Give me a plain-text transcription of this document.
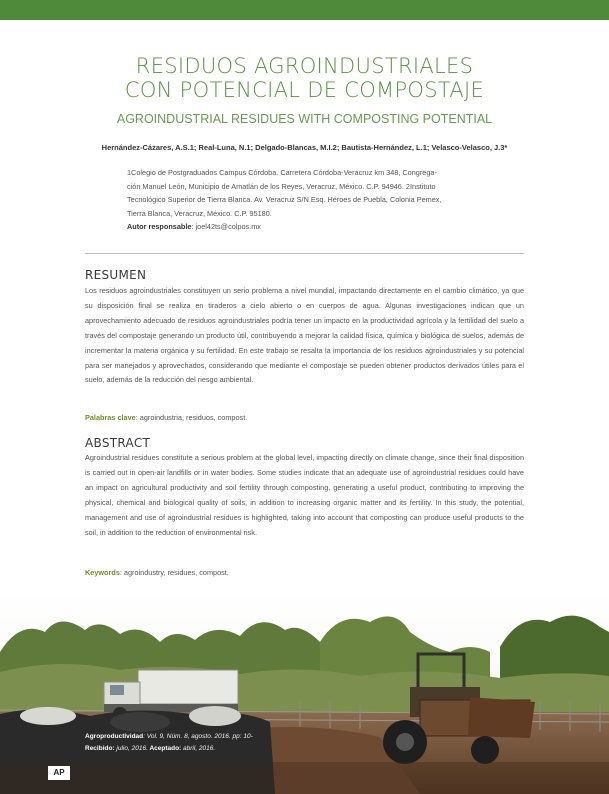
RESIDUOS AGROINDUSTRIALES
CON POTENCIAL DE COMPOSTAJE
AGROINDUSTRIAL RESIDUES WITH COMPOSTING POTENTIAL
Hernández-Cázares, A.S.1; Real-Luna, N.1; Delgado-Blancas, M.I.2; Bautista-Hernández, L.1; Velasco-Velasco, J.3*
1Colegio de Postgraduados Campus Córdoba. Carretera Córdoba-Veracruz km 348, Congrega-
ción Manuel León, Municipio de Amatlán de los Reyes, Veracruz, México. C.P. 94946. 2Instituto
Tecnológico Superior de Tierra Blanca. Av. Veracruz S/N Esq. Héroes de Puebla, Colonia Pemex,
Tierra Blanca, Veracruz, México. C.P. 95180.
Autor responsable: joel42ts@colpos.mx
RESUMEN
Los residuos agroindustriales constituyen un serio problema a nivel mundial, impactando directamente en el cambio climático, ya que su disposición final se realiza en tiraderos a cielo abierto o en cuerpos de agua. Algunas investigaciones indican que un aprovechamiento adecuado de residuos agroindustriales podría tener un impacto en la productividad agrícola y la fertilidad del suelo a través del compostaje generando un producto útil, contribuyendo a mejorar la calidad física, química y biológica de suelos, además de incrementar la materia orgánica y su fertilidad. En este trabajo se resalta la importancia de los residuos agroindustriales y su potencial para ser manejados y aprovechados, considerando que mediante el compostaje se pueden obtener productos derivados útiles para el suelo, además de la reducción del riesgo ambiental.
Palabras clave: agroindustria, residuos, compost.
ABSTRACT
Agroindustrial residues constitute a serious problem at the global level, impacting directly on climate change, since their final disposition is carried out in open-air landfills or in water bodies. Some studies indicate that an adequate use of agroindustrial residues could have an impact on agricultural productivity and soil fertility through composting, generating a useful product, contributing to improving the physical, chemical and biological quality of soils, in addition to increasing organic matter and its fertility. In this study, the potential, management and use of agroindustrial residues is highlighted, taking into account that composting can produce useful products to the soil, in addition to the reduction of environmental risk.
Keywords: agroindustry, residues, compost.
Agroproductividad: Vol. 9, Núm. 8, agosto. 2016. pp: 10-
Recibido: julio, 2016. Aceptado: abril, 2016.
AP
